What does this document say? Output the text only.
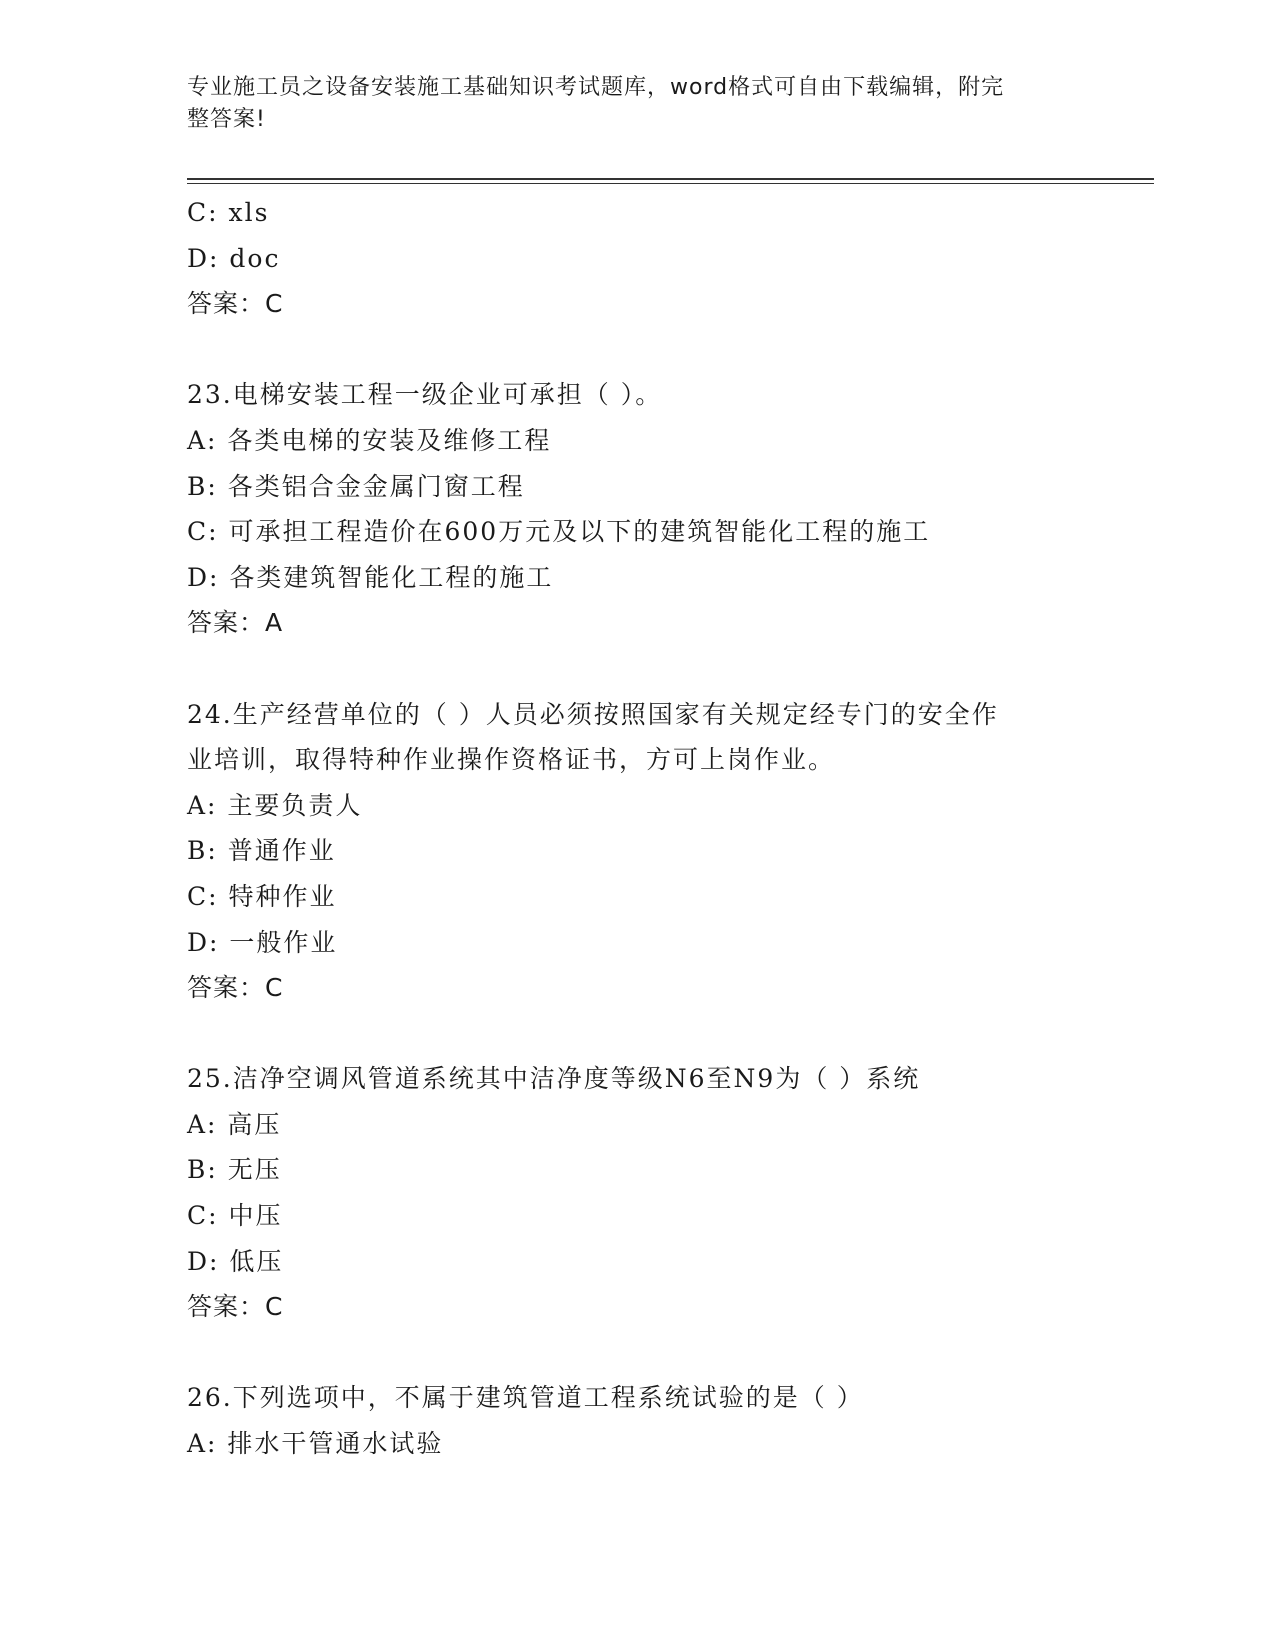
专业施工员之设备安装施工基础知识考试题库，word格式可自由下载编辑，附完
整答案!
C: xls
D: doc
答案：C
23.电梯安装工程一级企业可承担（ ）。
A: 各类电梯的安装及维修工程
B: 各类铝合金金属门窗工程
C: 可承担工程造价在600万元及以下的建筑智能化工程的施工
D: 各类建筑智能化工程的施工
答案：A
24.生产经营单位的（ ）人员必须按照国家有关规定经专门的安全作
业培训，取得特种作业操作资格证书，方可上岗作业。
A: 主要负责人
B: 普通作业
C: 特种作业
D: 一般作业
答案：C
25.洁净空调风管道系统其中洁净度等级N6至N9为（ ）系统
A: 高压
B: 无压
C: 中压
D: 低压
答案：C
26.下列选项中，不属于建筑管道工程系统试验的是（ ）
A: 排水干管通水试验
